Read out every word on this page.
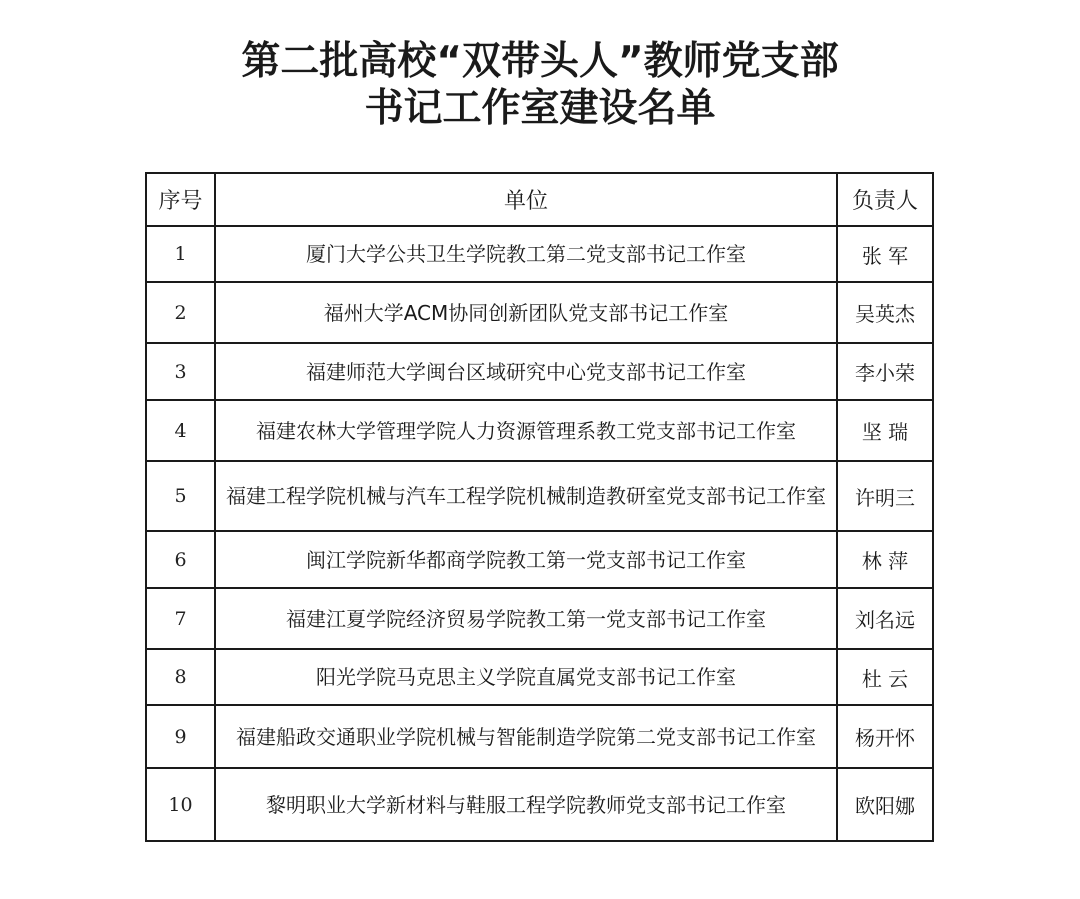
第二批高校“双带头人”教师党支部
书记工作室建设名单
序号	单位	负责人
1	厦门大学公共卫生学院教工第二党支部书记工作室	张 军
2	福州大学ACM协同创新团队党支部书记工作室	吴英杰
3	福建师范大学闽台区域研究中心党支部书记工作室	李小荣
4	福建农林大学管理学院人力资源管理系教工党支部书记工作室	坚 瑞
5	福建工程学院机械与汽车工程学院机械制造教研室党支部书记工作室	许明三
6	闽江学院新华都商学院教工第一党支部书记工作室	林 萍
7	福建江夏学院经济贸易学院教工第一党支部书记工作室	刘名远
8	阳光学院马克思主义学院直属党支部书记工作室	杜 云
9	福建船政交通职业学院机械与智能制造学院第二党支部书记工作室	杨开怀
10	黎明职业大学新材料与鞋服工程学院教师党支部书记工作室	欧阳娜
